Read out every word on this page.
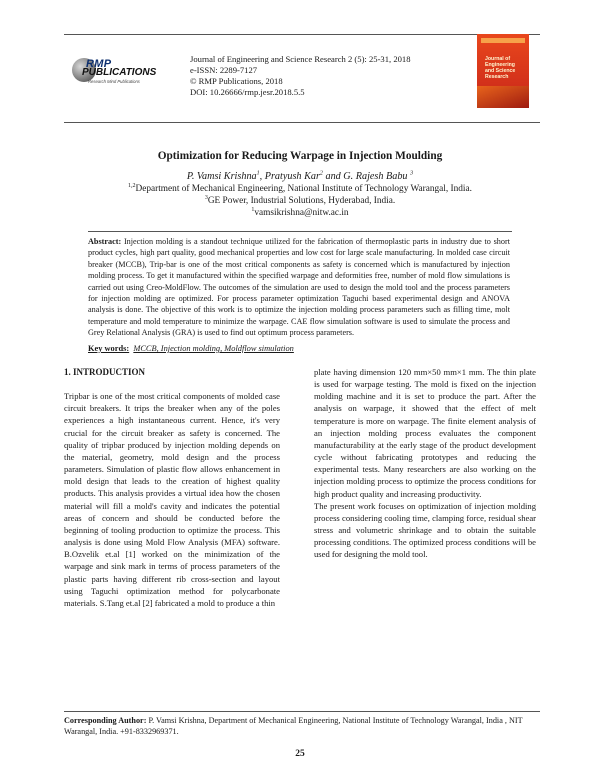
RMP
PUBLICATIONS
Research Mind Publications
Journal of Engineering and Science Research 2 (5): 25-31, 2018
e-ISSN: 2289-7127
© RMP Publications, 2018
DOI: 10.26666/rmp.jesr.2018.5.5
Journal of Engineering and Science Research
Optimization for Reducing Warpage in Injection Moulding
P. Vamsi Krishna$^1$, Pratyush Kar$^2$ and G. Rajesh Babu $^3$
$^{1,2}$Department of Mechanical Engineering, National Institute of Technology Warangal, India.
$^3$GE Power, Industrial Solutions, Hyderabad, India.
$^1$vamsikrishna@nitw.ac.in
Abstract: Injection molding is a standout technique utilized for the fabrication of thermoplastic parts in industry due to short product cycles, high part quality, good mechanical properties and low cost for large scale manufacturing. In molded case circuit breaker (MCCB), Trip-bar is one of the most critical components as safety is concerned which is manufactured by injection molding process. To get it manufactured within the specified warpage and deformities free, number of mold flow simulations is carried out using Creo-MoldFlow. The outcomes of the simulation are used to design the mold tool and the process parameters for injection molding are optimized. For process parameter optimization Taguchi based experimental design and ANOVA analysis is done. The objective of this work is to optimize the injection molding process parameters such as filling time, molt temperature and mold temperature to minimize the warpage. CAE flow simulation software is used to simulate the process and Grey Relational Analysis (GRA) is used to find out optimum process parameters.
Key words: MCCB, Injection molding, Moldflow simulation

1. INTRODUCTION

Tripbar is one of the most critical components of molded case circuit breakers. It trips the breaker when any of the poles experiences a high instantaneous current. Hence, it's very crucial for the circuit breaker as safety is concerned. The quality of tripbar produced by injection molding depends on the material, geometry, mold design and the process parameters. Simulation of plastic flow allows enhancement in mold design that leads to the creation of highest quality products. This analysis provides a virtual idea how the chosen material will fill a mold's cavity and indicates the potential areas of concern and should be conducted before the beginning of tooling production to optimize the process. This analysis is done using Mold Flow Analysis (MFA) software. B.Ozvelik et.al [1] worked on the minimization of the warpage and sink mark in terms of process parameters of the plastic parts having different rib cross-section and layout using Taguchi optimization method for polycarbonate materials. S.Tang et.al [2] fabricated a mold to produce a thin

plate having dimension 120 mm×50 mm×1 mm. The thin plate is used for warpage testing. The mold is fixed on the injection molding machine and it is set to produce the part. After the analysis on warpage, it showed that the effect of melt temperature is more on warpage. The finite element analysis of an injection molding process evaluates the component manufacturability at the early stage of the product development cycle without fabricating prototypes and reducing the experimental tests. Many researchers are also working on the injection molding process to optimize the process conditions for high product quality and increasing productivity.

The present work focuses on optimization of injection molding process considering cooling time, clamping force, residual shear stress and volumetric shrinkage and to obtain the suitable processing conditions. The optimized process conditions will be used for designing the mold tool.

Corresponding Author: P. Vamsi Krishna, Department of Mechanical Engineering, National Institute of Technology Warangal, India , NIT Warangal, India. +91-8332969371.
25
